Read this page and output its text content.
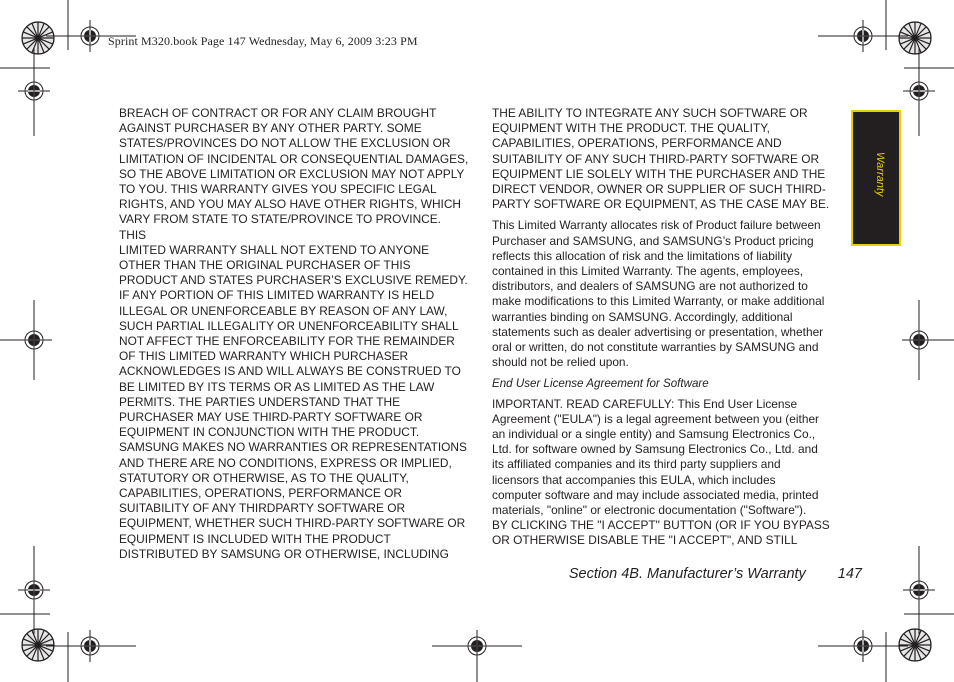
Sprint M320.book Page 147 Wednesday, May 6, 2009 3:23 PM
Warranty
BREACH OF CONTRACT OR FOR ANY CLAIM BROUGHT
AGAINST PURCHASER BY ANY OTHER PARTY. SOME
STATES/PROVINCES DO NOT ALLOW THE EXCLUSION OR
LIMITATION OF INCIDENTAL OR CONSEQUENTIAL DAMAGES,
SO THE ABOVE LIMITATION OR EXCLUSION MAY NOT APPLY
TO YOU. THIS WARRANTY GIVES YOU SPECIFIC LEGAL
RIGHTS, AND YOU MAY ALSO HAVE OTHER RIGHTS, WHICH
VARY FROM STATE TO STATE/PROVINCE TO PROVINCE. THIS
LIMITED WARRANTY SHALL NOT EXTEND TO ANYONE
OTHER THAN THE ORIGINAL PURCHASER OF THIS
PRODUCT AND STATES PURCHASER’S EXCLUSIVE REMEDY.
IF ANY PORTION OF THIS LIMITED WARRANTY IS HELD
ILLEGAL OR UNENFORCEABLE BY REASON OF ANY LAW,
SUCH PARTIAL ILLEGALITY OR UNENFORCEABILITY SHALL
NOT AFFECT THE ENFORCEABILITY FOR THE REMAINDER
OF THIS LIMITED WARRANTY WHICH PURCHASER
ACKNOWLEDGES IS AND WILL ALWAYS BE CONSTRUED TO
BE LIMITED BY ITS TERMS OR AS LIMITED AS THE LAW
PERMITS. THE PARTIES UNDERSTAND THAT THE
PURCHASER MAY USE THIRD-PARTY SOFTWARE OR
EQUIPMENT IN CONJUNCTION WITH THE PRODUCT.
SAMSUNG MAKES NO WARRANTIES OR REPRESENTATIONS
AND THERE ARE NO CONDITIONS, EXPRESS OR IMPLIED,
STATUTORY OR OTHERWISE, AS TO THE QUALITY,
CAPABILITIES, OPERATIONS, PERFORMANCE OR
SUITABILITY OF ANY THIRDPARTY SOFTWARE OR
EQUIPMENT, WHETHER SUCH THIRD-PARTY SOFTWARE OR
EQUIPMENT IS INCLUDED WITH THE PRODUCT
DISTRIBUTED BY SAMSUNG OR OTHERWISE, INCLUDING

THE ABILITY TO INTEGRATE ANY SUCH SOFTWARE OR
EQUIPMENT WITH THE PRODUCT. THE QUALITY,
CAPABILITIES, OPERATIONS, PERFORMANCE AND
SUITABILITY OF ANY SUCH THIRD-PARTY SOFTWARE OR
EQUIPMENT LIE SOLELY WITH THE PURCHASER AND THE
DIRECT VENDOR, OWNER OR SUPPLIER OF SUCH THIRD-
PARTY SOFTWARE OR EQUIPMENT, AS THE CASE MAY BE.

This Limited Warranty allocates risk of Product failure between
Purchaser and SAMSUNG, and SAMSUNG’s Product pricing
reflects this allocation of risk and the limitations of liability
contained in this Limited Warranty. The agents, employees,
distributors, and dealers of SAMSUNG are not authorized to
make modifications to this Limited Warranty, or make additional
warranties binding on SAMSUNG. Accordingly, additional
statements such as dealer advertising or presentation, whether
oral or written, do not constitute warranties by SAMSUNG and
should not be relied upon.

End User License Agreement for Software

IMPORTANT. READ CAREFULLY: This End User License
Agreement ("EULA") is a legal agreement between you (either
an individual or a single entity) and Samsung Electronics Co.,
Ltd. for software owned by Samsung Electronics Co., Ltd. and
its affiliated companies and its third party suppliers and
licensors that accompanies this EULA, which includes
computer software and may include associated media, printed
materials, "online" or electronic documentation ("Software").
BY CLICKING THE "I ACCEPT" BUTTON (OR IF YOU BYPASS
OR OTHERWISE DISABLE THE "I ACCEPT", AND STILL

Section 4B. Manufacturer’s Warranty 147
